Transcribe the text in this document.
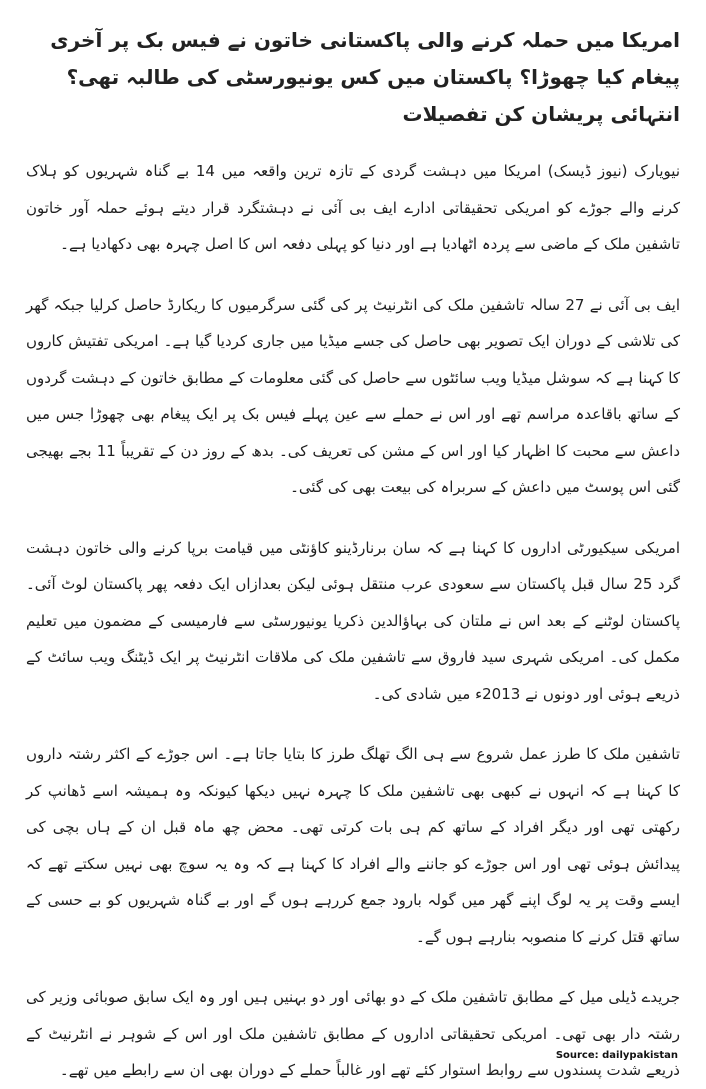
امریکا میں حملہ کرنے والی پاکستانی خاتون نے فیس بک پر آخری پیغام کیا چھوڑا؟ پاکستان میں کس یونیورسٹی کی طالبہ تھی؟ انتہائی پریشان کن تفصیلات

نیویارک (نیوز ڈیسک) امریکا میں دہشت گردی کے تازہ ترین واقعہ میں 14 بے گناہ شہریوں کو ہلاک کرنے والے جوڑے کو امریکی تحقیقاتی ادارے ایف بی آئی نے دہشتگرد قرار دیتے ہوئے حملہ آور خاتون تاشفین ملک کے ماضی سے پردہ اٹھادیا ہے اور دنیا کو پہلی دفعہ اس کا اصل چہرہ بھی دکھادیا ہے۔

ایف بی آئی نے 27 سالہ تاشفین ملک کی انٹرنیٹ پر کی گئی سرگرمیوں کا ریکارڈ حاصل کرلیا جبکہ گھر کی تلاشی کے دوران ایک تصویر بھی حاصل کی جسے میڈیا میں جاری کردیا گیا ہے۔ امریکی تفتیش کاروں کا کہنا ہے کہ سوشل میڈیا ویب سائٹوں سے حاصل کی گئی معلومات کے مطابق خاتون کے دہشت گردوں کے ساتھ باقاعدہ مراسم تھے اور اس نے حملے سے عین پہلے فیس بک پر ایک پیغام بھی چھوڑا جس میں داعش سے محبت کا اظہار کیا اور اس کے مشن کی تعریف کی۔ بدھ کے روز دن کے تقریباً 11 بجے بھیجی گئی اس پوسٹ میں داعش کے سربراہ کی بیعت بھی کی گئی۔

امریکی سیکیورٹی اداروں کا کہنا ہے کہ سان برنارڈینو کاؤنٹی میں قیامت برپا کرنے والی خاتون دہشت گرد 25 سال قبل پاکستان سے سعودی عرب منتقل ہوئی لیکن بعدازاں ایک دفعہ پھر پاکستان لوٹ آئی۔ پاکستان لوٹنے کے بعد اس نے ملتان کی بہاؤالدین ذکریا یونیورسٹی سے فارمیسی کے مضمون میں تعلیم مکمل کی۔ امریکی شہری سید فاروق سے تاشفین ملک کی ملاقات انٹرنیٹ پر ایک ڈیٹنگ ویب سائٹ کے ذریعے ہوئی اور دونوں نے 2013ء میں شادی کی۔

تاشفین ملک کا طرز عمل شروع سے ہی الگ تھلگ طرز کا بتایا جاتا ہے۔ اس جوڑے کے اکثر رشتہ داروں کا کہنا ہے کہ انہوں نے کبھی بھی تاشفین ملک کا چہرہ نہیں دیکھا کیونکہ وہ ہمیشہ اسے ڈھانپ کر رکھتی تھی اور دیگر افراد کے ساتھ کم ہی بات کرتی تھی۔ محض چھ ماہ قبل ان کے ہاں بچی کی پیدائش ہوئی تھی اور اس جوڑے کو جاننے والے افراد کا کہنا ہے کہ وہ یہ سوچ بھی نہیں سکتے تھے کہ ایسے وقت پر یہ لوگ اپنے گھر میں گولہ بارود جمع کررہے ہوں گے اور بے گناہ شہریوں کو بے حسی کے ساتھ قتل کرنے کا منصوبہ بنارہے ہوں گے۔

جریدے ڈیلی میل کے مطابق تاشفین ملک کے دو بھائی اور دو بہنیں ہیں اور وہ ایک سابق صوبائی وزیر کی رشتہ دار بھی تھی۔ امریکی تحقیقاتی اداروں کے مطابق تاشفین ملک اور اس کے شوہر نے انٹرنیٹ کے ذریعے شدت پسندوں سے روابط استوار کئے تھے اور غالباً حملے کے دوران بھی ان سے رابطے میں تھے۔

Source: dailypakistan
